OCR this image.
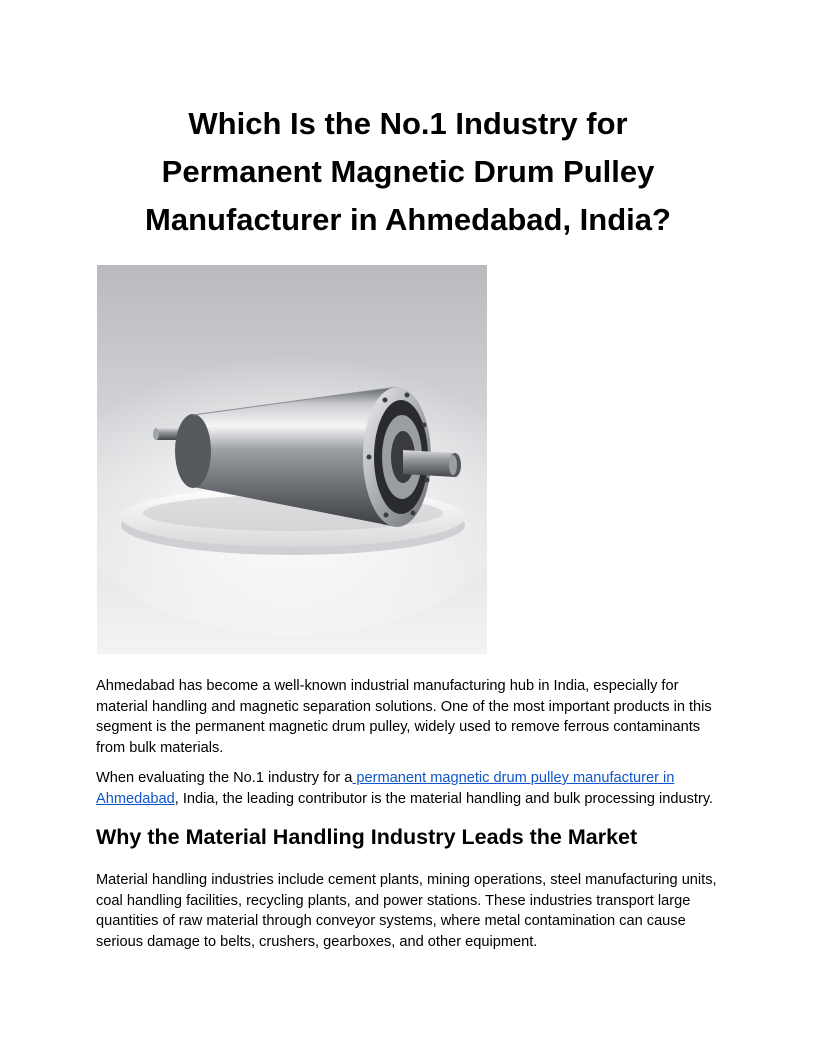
Which Is the No.1 Industry for
Permanent Magnetic Drum Pulley
Manufacturer in Ahmedabad, India?

Ahmedabad has become a well-known industrial manufacturing hub in India, especially for
material handling and magnetic separation solutions. One of the most important products in this
segment is the permanent magnetic drum pulley, widely used to remove ferrous contaminants
from bulk materials.

When evaluating the No.1 industry for a permanent magnetic drum pulley manufacturer in
Ahmedabad, India, the leading contributor is the material handling and bulk processing industry.

Why the Material Handling Industry Leads the Market

Material handling industries include cement plants, mining operations, steel manufacturing units,
coal handling facilities, recycling plants, and power stations. These industries transport large
quantities of raw material through conveyor systems, where metal contamination can cause
serious damage to belts, crushers, gearboxes, and other equipment.
